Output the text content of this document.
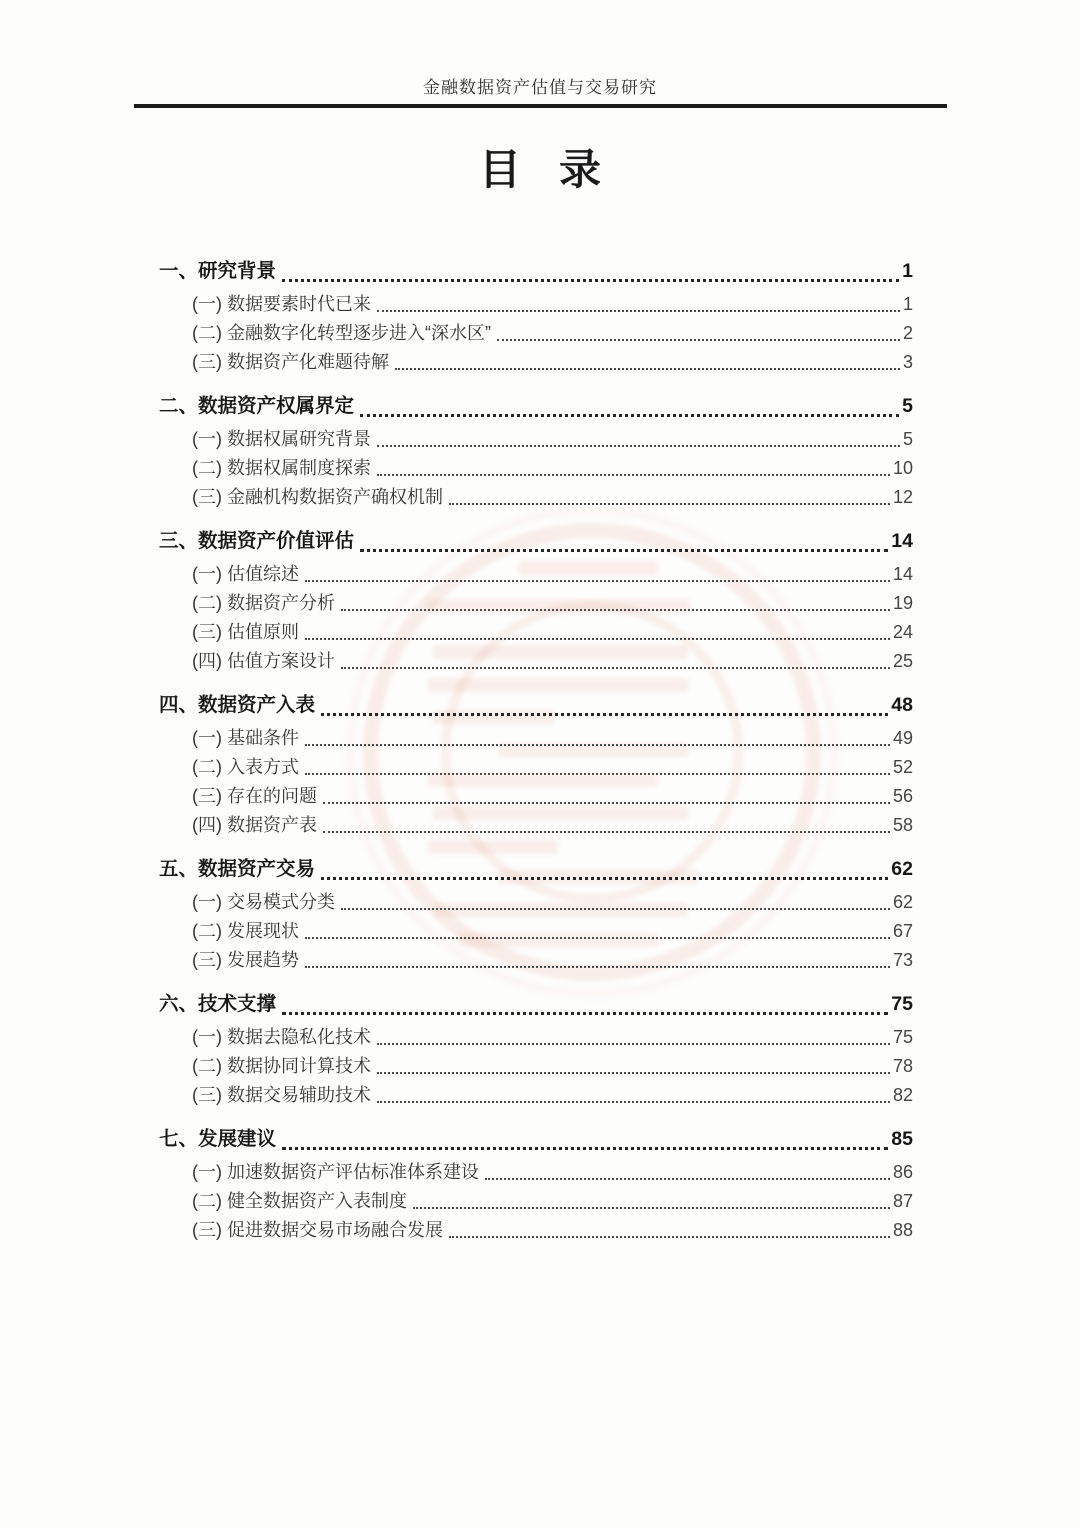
金融数据资产估值与交易研究
目 录
一、研究背景	1
(一) 数据要素时代已来	1
(二) 金融数字化转型逐步进入“深水区”	2
(三) 数据资产化难题待解	3
二、数据资产权属界定	5
(一) 数据权属研究背景	5
(二) 数据权属制度探索	10
(三) 金融机构数据资产确权机制	12
三、数据资产价值评估	14
(一) 估值综述	14
(二) 数据资产分析	19
(三) 估值原则	24
(四) 估值方案设计	25
四、数据资产入表	48
(一) 基础条件	49
(二) 入表方式	52
(三) 存在的问题	56
(四) 数据资产表	58
五、数据资产交易	62
(一) 交易模式分类	62
(二) 发展现状	67
(三) 发展趋势	73
六、技术支撑	75
(一) 数据去隐私化技术	75
(二) 数据协同计算技术	78
(三) 数据交易辅助技术	82
七、发展建议	85
(一) 加速数据资产评估标准体系建设	86
(二) 健全数据资产入表制度	87
(三) 促进数据交易市场融合发展	88
